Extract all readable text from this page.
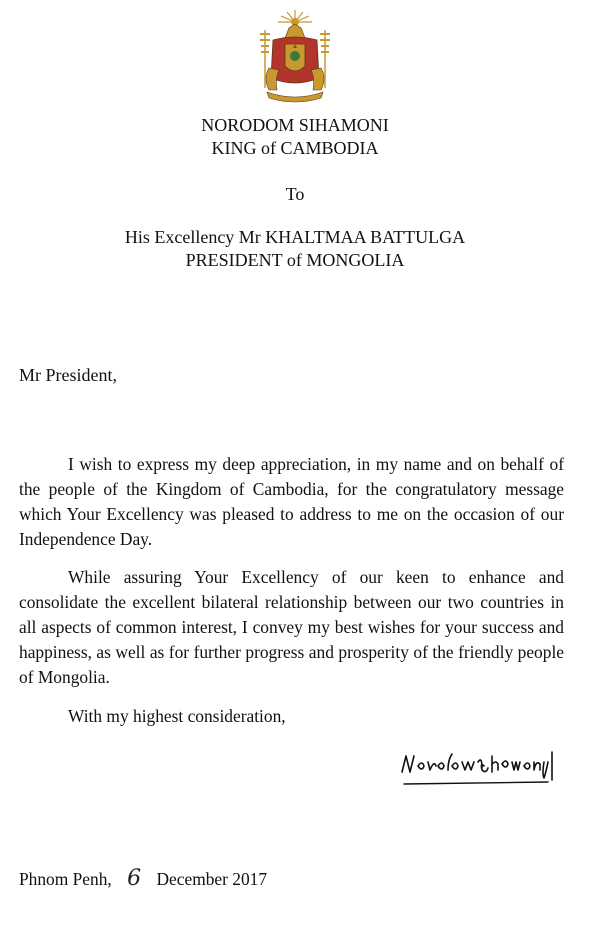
NORODOM SIHAMONI
KING of CAMBODIA
To
His Excellency Mr KHALTMAA BATTULGA
PRESIDENT of MONGOLIA
Mr President,

I wish to express my deep appreciation, in my name and on behalf of the people of the Kingdom of Cambodia, for the congratulatory message which Your Excellency was pleased to address to me on the occasion of our Independence Day.

While assuring Your Excellency of our keen to enhance and consolidate the excellent bilateral relationship between our two countries in all aspects of common interest, I convey my best wishes for your success and happiness, as well as for further progress and prosperity of the friendly people of Mongolia.

With my highest consideration,
Phnom Penh, 6 December 2017
